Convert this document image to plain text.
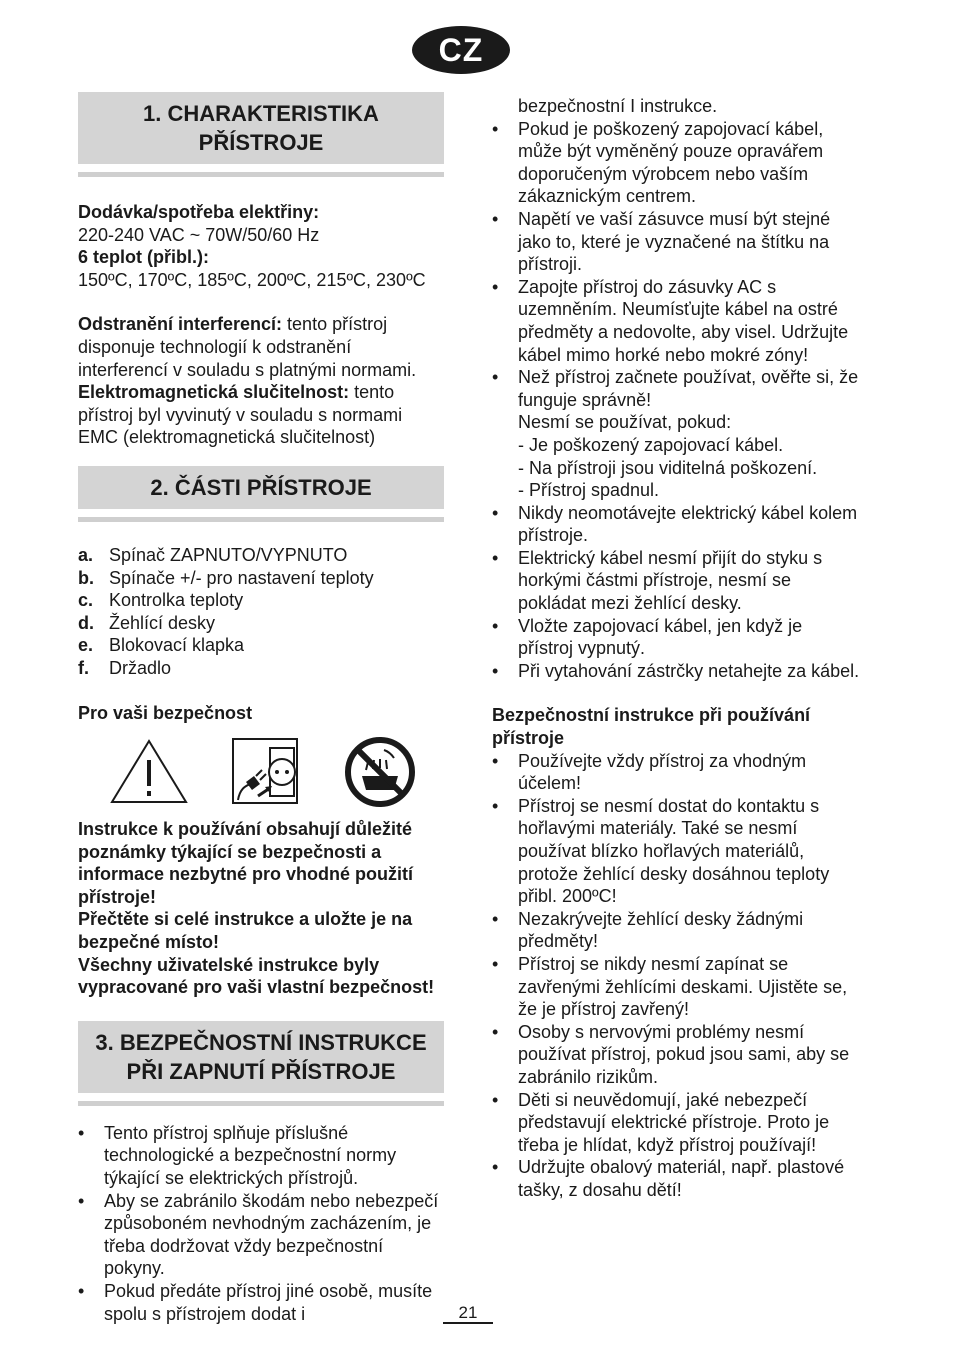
CZ
1. CHARAKTERISTIKA PŘÍSTROJE

Dodávka/spotřeba elektřiny:

220-240 VAC ~ 70W/50/60 Hz

6 teplot (přibl.):

150ºC, 170ºC, 185ºC, 200ºC, 215ºC, 230ºC

Odstranění interferencí: tento přístroj disponuje technologií k odstranění interferencí v souladu s platnými normami.

Elektromagnetická slučitelnost: tento přístroj byl vyvinutý v souladu s normami EMC (elektromagnetická slučitelnost)

2. ČÁSTI PŘÍSTROJE
a. Spínač ZAPNUTO/VYPNUTO
b. Spínače +/- pro nastavení teploty
c. Kontrolka teploty
d. Žehlící desky
e. Blokovací klapka
f.	Držadlo

Pro vaši bezpečnost

Instrukce k používání obsahují důležité poznámky týkající se bezpečnosti a informace nezbytné pro vhodné použití přístroje!

Přečtěte si celé instrukce a uložte je na bezpečné místo!

Všechny uživatelské instrukce byly vypracované pro vaši vlastní bezpečnost!

3. BEZPEČNOSTNÍ INSTRUKCE PŘI ZAPNUTÍ PŘÍSTROJE
• Tento přístroj splňuje příslušné technologické a bezpečnostní normy týkající se elektrických přístrojů.
• Aby se zabránilo škodám nebo nebezpečí způsoboném nevhodným zacházením, je třeba dodržovat vždy bezpečnostní pokyny.
• Pokud předáte přístroj jiné osobě, musíte spolu s přístrojem dodat i

bezpečnostní I instrukce.

• Pokud je poškozený zapojovací kábel, může být vyměněný pouze opravářem doporučeným výrobcem nebo vaším zákaznickým centrem.
• Napětí ve vaší zásuvce musí být stejné jako to, které je vyznačené na štítku na přístroji.
• Zapojte přístroj do zásuvky AC s uzemněním. Neumísťujte kábel na ostré předměty a nedovolte, aby visel. Udržujte kábel mimo horké nebo mokré zóny!
• Než přístroj začnete používat, ověřte si, že funguje správně!

Nesmí se používat, pokud:

- Je poškozený zapojovací kábel.

- Na přístroji jsou viditelná poškození.

- Přístroj spadnul.

• Nikdy neomotávejte elektrický kábel kolem přístroje.
• Elektrický kábel nesmí přijít do styku s horkými částmi přístroje, nesmí se pokládat mezi žehlící desky.
• Vložte zapojovací kábel, jen když je přístroj vypnutý.
• Při vytahování zástrčky netahejte za kábel.

Bezpečnostní instrukce při používání přístroje

• Používejte vždy přístroj za vhodným účelem!
• Přístroj se nesmí dostat do kontaktu s hořlavými materiály. Také se nesmí používat blízko hořlavých materiálů, protože žehlící desky dosáhnou teploty přibl. 200ºC!
• Nezakrývejte žehlící desky žádnými předměty!
• Přístroj se nikdy nesmí zapínat se zavřenými žehlícími deskami. Ujistěte se, že je přístroj zavřený!
• Osoby s nervovými problémy nesmí používat přístroj, pokud jsou sami, aby se zabránilo rizikům.
• Děti si neuvědomují, jaké nebezpečí představují elektrické přístroje. Proto je třeba je hlídat, když přístroj používají!
• Udržujte obalový materiál, např. plastové tašky, z dosahu dětí!
21
